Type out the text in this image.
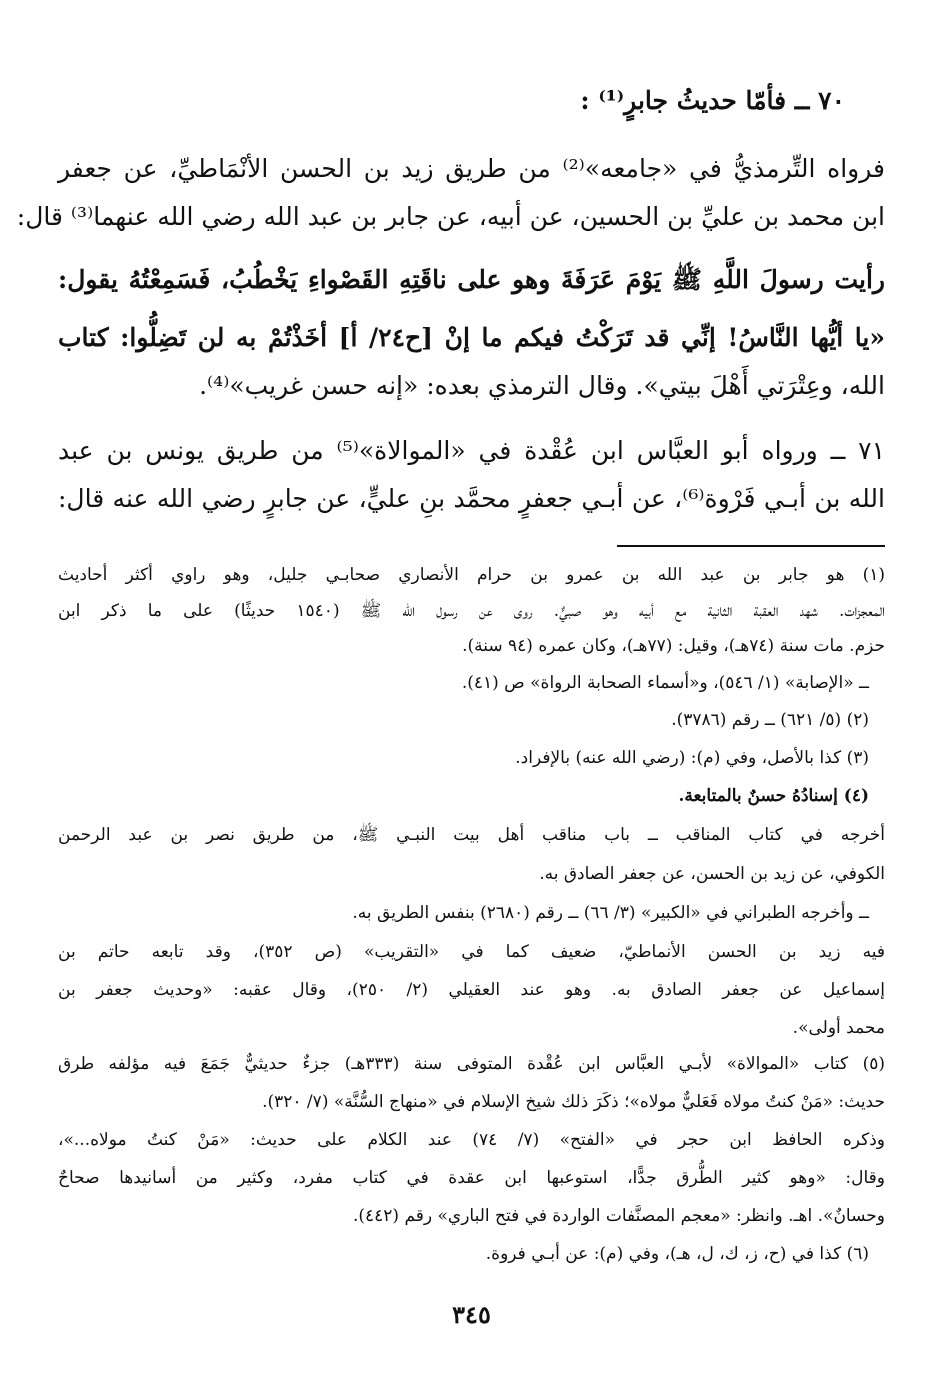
٧٠ ــ فأمّا حديثُ جابرٍ⁽¹⁾ :
فرواه التِّرمذيُّ في «جامعه»⁽²⁾ من طريق زيد بن الحسن الأنْمَاطيِّ، عن جعفر
ابن محمد بن عليِّ بن الحسين، عن أبيه، عن جابر بن عبد الله رضي الله عنهما⁽³⁾ قال:
رأيت رسولَ اللَّهِ ﷺ يَوْمَ عَرَفَةَ وهو على ناقَتِهِ القَصْواءِ يَخْطُبُ، فَسَمِعْتُهُ يقول:
«يا أيُّها النَّاسُ! إنِّي قد تَرَكْتُ فيكم ما إنْ [ح٢٤/ أ] أخَذْتُمْ به لن تَضِلُّوا: كتاب
الله، وعِتْرَتي أَهْلَ بيتي». وقال الترمذي بعده: «إنه حسن غريب»⁽⁴⁾.
٧١ ــ ورواه أبو العبَّاس ابن عُقْدة في «الموالاة»⁽⁵⁾ من طريق يونس بن عبد
الله بن أبـي فَرْوة⁽⁶⁾، عن أبـي جعفرٍ محمَّد بنِ عليٍّ، عن جابرٍ رضي الله عنه قال:
(١) هو جابر بن عبد الله بن عمرو بن حرام الأنصاري صحابـي جليل، وهو راوي أكثر أحاديث
المعجزات. شهد العقبة الثانية مع أبيه وهو صبيٌّ. روى عن رسول الله ﷺ (١٥٤٠ حديثًا) على ما ذكر ابن
حزم. مات سنة (٧٤هـ)، وقيل: (٧٧هـ)، وكان عمره (٩٤ سنة).
ــ «الإصابة» (١/ ٥٤٦)، و«أسماء الصحابة الرواة» ص (٤١).
(٢) (٥/ ٦٢١) ــ رقم (٣٧٨٦).
(٣) كذا بالأصل، وفي (م): (رضي الله عنه) بالإفراد.
(٤) إسنادُهُ حسنٌ بالمتابعة.
أخرجه في كتاب المناقب ــ باب مناقب أهل بيت النبـي ﷺ، من طريق نصر بن عبد الرحمن
الكوفي، عن زيد بن الحسن، عن جعفر الصادق به.
ــ وأخرجه الطبراني في «الكبير» (٣/ ٦٦) ــ رقم (٢٦٨٠) بنفس الطريق به.
فيه زيد بن الحسن الأنماطيّ، ضعيف كما في «التقريب» (ص ٣٥٢)، وقد تابعه حاتم بن
إسماعيل عن جعفر الصادق به. وهو عند العقيلي (٢/ ٢٥٠)، وقال عقبه: «وحديث جعفر بن
محمد أولى».
(٥) كتاب «الموالاة» لأبـي العبَّاس ابن عُقْدة المتوفى سنة (٣٣٣هـ) جزءٌ حديثيٌّ جَمَعَ فيه مؤلفه طرق
حديث: «مَنْ كنتُ مولاه فَعَليٌّ مولاه»؛ ذكَرَ ذلك شيخ الإسلام في «منهاج السُّنَّة» (٧/ ٣٢٠).
وذكره الحافظ ابن حجر في «الفتح» (٧/ ٧٤) عند الكلام على حديث: «مَنْ كنتُ مولاه...»،
وقال: «وهو كثير الطُّرق جدًّا، استوعبها ابن عقدة في كتاب مفرد، وكثير من أسانيدها صحاحٌ
وحسانٌ». اهـ. وانظر: «معجم المصنَّفات الواردة في فتح الباري» رقم (٤٤٢).
(٦) كذا في (ح، ز، ك، ل، هـ)، وفي (م): عن أبـي فروة.
٣٤٥
